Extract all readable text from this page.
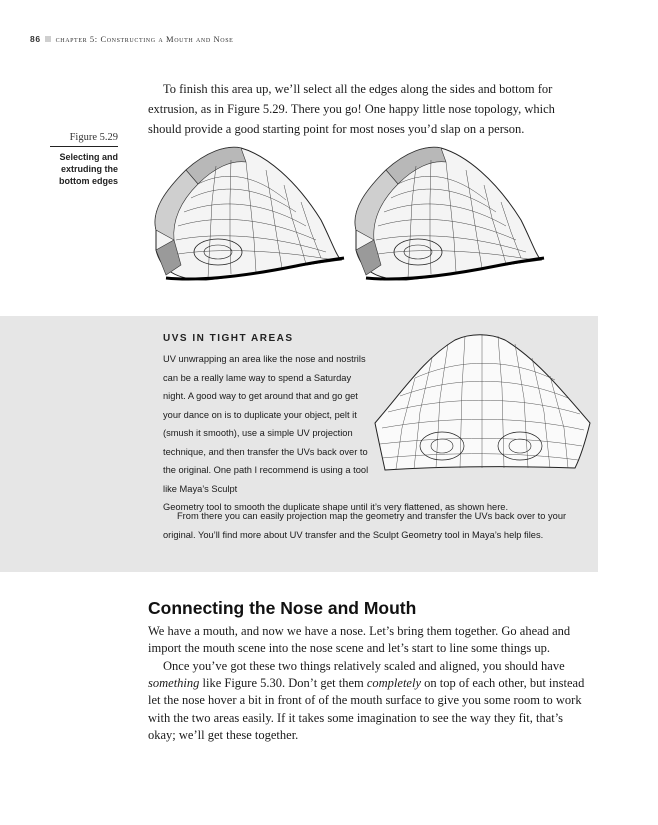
86 chapter 5: Constructing a Mouth and Nose

To finish this area up, we’ll select all the edges along the sides and bottom for extrusion, as in Figure 5.29. There you go! One happy little nose topology, which should provide a good starting point for most noses you’d slap on a person.

Figure 5.29
Selecting and extruding the bottom edges
UVS IN TIGHT AREAS

UV unwrapping an area like the nose and nostrils can be a really lame way to spend a Saturday night. A good way to get around that and go get your dance on is to duplicate your object, pelt it (smush it smooth), use a simple UV projection technique, and then transfer the UVs back over to the original. One path I recommend is using a tool like Maya’s Sculpt
Geometry tool to smooth the duplicate shape until it’s very flattened, as shown here.

From there you can easily projection map the geometry and transfer the UVs back over to your original. You’ll find more about UV transfer and the Sculpt Geometry tool in Maya’s help files.

Connecting the Nose and Mouth

We have a mouth, and now we have a nose. Let’s bring them together. Go ahead and import the mouth scene into the nose scene and let’s start to line some things up.

Once you’ve got these two things relatively scaled and aligned, you should have something like Figure 5.30. Don’t get them completely on top of each other, but instead let the nose hover a bit in front of of the mouth surface to give you some room to work with the two areas easily. If it takes some imagination to see the way they fit, that’s okay; we’ll get these together.
